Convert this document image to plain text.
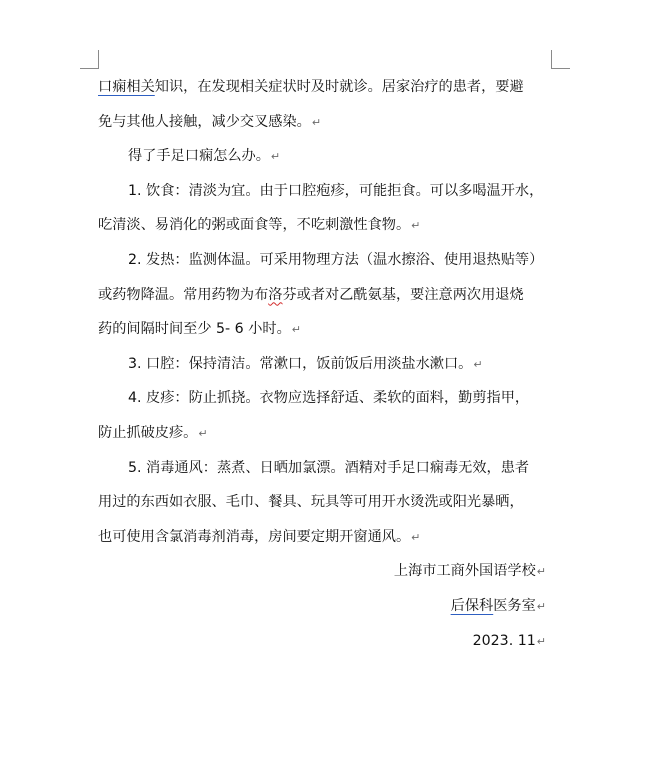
口痫相关知识，在发现相关症状时及时就诊。居家治疗的患者，要避
免与其他人接触，减少交叉感染。↵
得了手足口痫怎么办。↵
1. 饮食：清淡为宜。由于口腔疱疹，可能拒食。可以多喝温开水，
吃清淡、易消化的粥或面食等，不吃刺激性食物。↵
2. 发热：监测体温。可采用物理方法（温水擦浴、使用退热贴等）
或药物降温。常用药物为布洛芬或者对乙酰氨基，要注意两次用退烧
药的间隔时间至少 5- 6 小时。↵
3. 口腔：保持清洁。常漱口，饭前饭后用淡盐水漱口。↵
4. 皮疹：防止抓挠。衣物应选择舒适、柔软的面料，勤剪指甲，
防止抓破皮疹。↵
5. 消毒通风：蒸煮、日晒加氯漂。酒精对手足口痫毒无效，患者
用过的东西如衣服、毛巾、餐具、玩具等可用开水烫洗或阳光暴晒，
也可使用含氯消毒剂消毒，房间要定期开窗通风。↵
上海市工商外国语学校↵
后保科医务室↵
2023. 11↵
